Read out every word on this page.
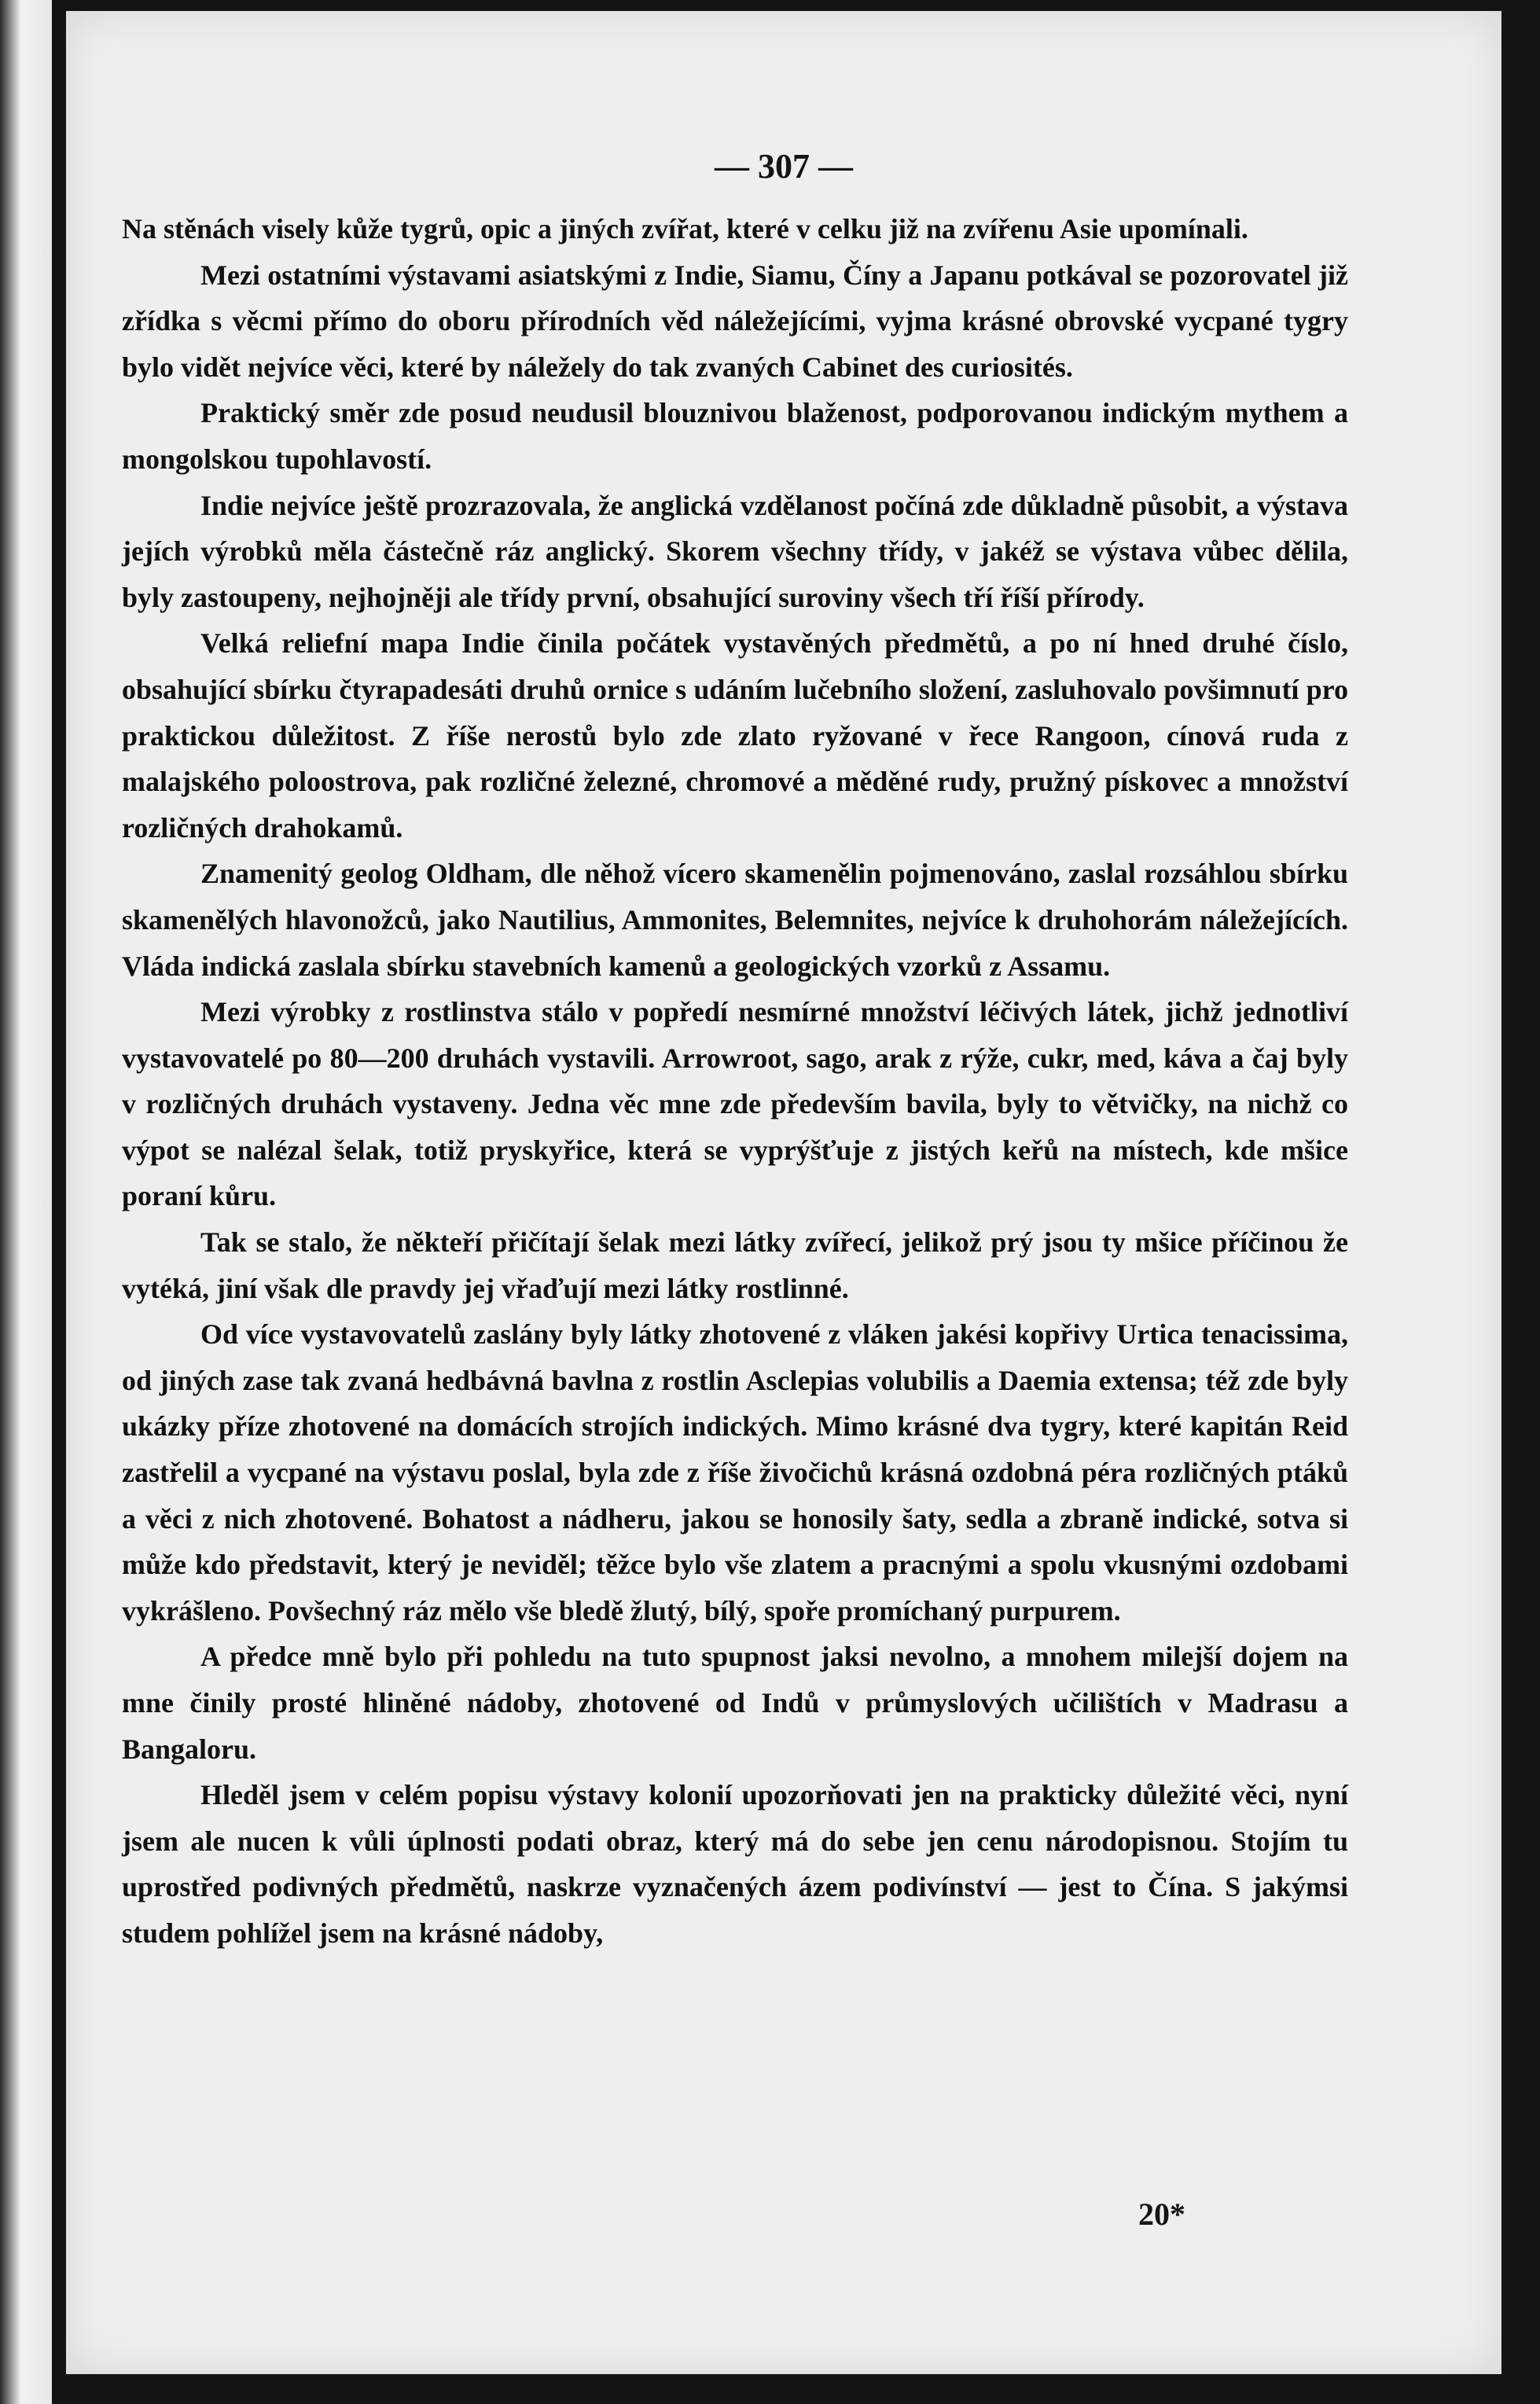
— 307 —

Na stěnách visely kůže tygrů, opic a jiných zvířat, které v celku již na zvířenu Asie upomínali.

Mezi ostatními výstavami asiatskými z Indie, Siamu, Číny a Japanu potkával se pozorovatel již zřídka s věcmi přímo do oboru přírodních věd náležejícími, vyjma krásné obrovské vycpané tygry bylo vidět nejvíce věci, které by náležely do tak zvaných Cabinet des curiosités.

Praktický směr zde posud neudusil blouznivou blaženost, podporovanou indickým mythem a mongolskou tupohlavostí.

Indie nejvíce ještě prozrazovala, že anglická vzdělanost počíná zde důkladně působit, a výstava jejích výrobků měla částečně ráz anglický. Skorem všechny třídy, v jakéž se výstava vůbec dělila, byly zastoupeny, nejhojněji ale třídy první, obsahující suroviny všech tří říší přírody.

Velká reliefní mapa Indie činila počátek vystavěných předmětů, a po ní hned druhé číslo, obsahující sbírku čtyrapadesáti druhů ornice s udáním lučebního složení, zasluhovalo povšimnutí pro praktickou důležitost. Z říše nerostů bylo zde zlato ryžované v řece Rangoon, cínová ruda z malajského poloostrova, pak rozličné železné, chromové a měděné rudy, pružný pískovec a množství rozličných drahokamů.

Znamenitý geolog Oldham, dle něhož vícero skamenělin pojmenováno, zaslal rozsáhlou sbírku skamenělých hlavonožců, jako Nautilius, Ammonites, Belemnites, nejvíce k druhohorám náležejících. Vláda indická zaslala sbírku stavebních kamenů a geologických vzorků z Assamu.

Mezi výrobky z rostlinstva stálo v popředí nesmírné množství léčivých látek, jichž jednotliví vystavovatelé po 80—200 druhách vystavili. Arrowroot, sago, arak z rýže, cukr, med, káva a čaj byly v rozličných druhách vystaveny. Jedna věc mne zde především bavila, byly to větvičky, na nichž co výpot se nalézal šelak, totiž pryskyřice, která se vyprýšťuje z jistých keřů na místech, kde mšice poraní kůru.

Tak se stalo, že někteří přičítají šelak mezi látky zvířecí, jelikož prý jsou ty mšice příčinou že vytéká, jiní však dle pravdy jej vřaďují mezi látky rostlinné.

Od více vystavovatelů zaslány byly látky zhotovené z vláken jakési kopřivy Urtica tenacissima, od jiných zase tak zvaná hedbávná bavlna z rostlin Asclepias volubilis a Daemia extensa; též zde byly ukázky příze zhotovené na domácích strojích indických. Mimo krásné dva tygry, které kapitán Reid zastřelil a vycpané na výstavu poslal, byla zde z říše živočichů krásná ozdobná péra rozličných ptáků a věci z nich zhotovené. Bohatost a nádheru, jakou se honosily šaty, sedla a zbraně indické, sotva si může kdo představit, který je neviděl; těžce bylo vše zlatem a pracnými a spolu vkusnými ozdobami vykrášleno. Povšechný ráz mělo vše bledě žlutý, bílý, spoře promíchaný purpurem.

A předce mně bylo při pohledu na tuto spupnost jaksi nevolno, a mnohem milejší dojem na mne činily prosté hliněné nádoby, zhotovené od Indů v průmyslových učilištích v Madrasu a Bangaloru.

Hleděl jsem v celém popisu výstavy kolonií upozorňovati jen na prakticky důležité věci, nyní jsem ale nucen k vůli úplnosti podati obraz, který má do sebe jen cenu národopisnou. Stojím tu uprostřed podivných předmětů, naskrze vyznačených ázem podivínství — jest to Čína. S jakýmsi studem pohlížel jsem na krásné nádoby,

20*
